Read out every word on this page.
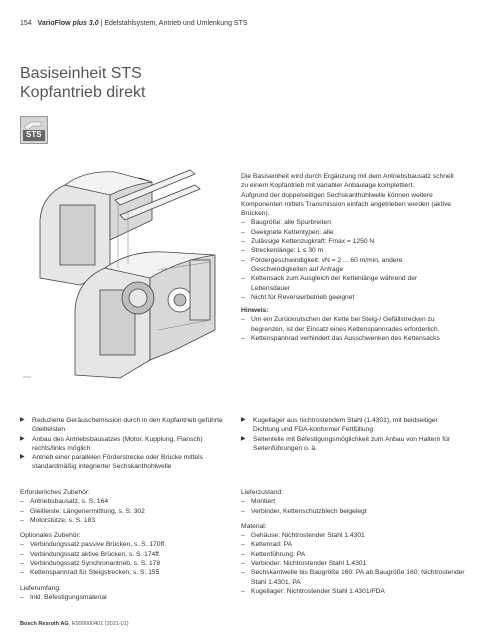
154 VarioFlow plus 3.0 | Edelstahlsystem, Antrieb und Umlenkung STS
Basiseinheit STS
Kopfantrieb direkt
STS
00001

Die Basiseinheit wird durch Ergänzung mit dem Antriebsbausatz schnell zu einem Kopfantrieb mit variabler Anbaulage komplettiert.

Aufgrund der doppelseitigen Sechskanthohlwelle können weitere Komponenten mittels Transmission einfach angetrieben werden (aktive Brücken).

– Baugröße: alle Spurbreiten
– Geeignete Kettentypen: alle
– Zulässige Kettenzugkraft: Fmax = 1250 N
– Streckenlänge: L ≤ 30 m
– Fördergeschwindigkeit: vN = 2 ... 60 m/min, andere Geschwindigkeiten auf Anfrage
– Kettensack zum Ausgleich der Kettenlänge während der Lebensdauer
– Nicht für Reversierbetrieb geeignet

Hinweis:

– Um ein Zurückrutschen der Kette bei Steig-/ Gefällstrecken zu begrenzen, ist der Einsatz eines Kettenspannrades erforderlich.
– Kettenspannrad verhindert das Ausschwenken des Kettensacks
▶ Reduzierte Geräuschemission durch in den Kopfantrieb geführte Gleitleisten
▶ Anbau des Antriebsbausatzes (Motor, Kupplung, Flansch) rechts/links möglich
▶ Antrieb einer parallelen Förderstrecke oder Brücke mittels standardmäßig integrierter Sechskanthohlwelle
▶ Kugellager aus nichtrostendem Stahl (1.4301), mit beidseitiger Dichtung und FDA-konformer Fettfüllung
▶ Seitenteile mit Befestigungsmöglichkeit zum Anbau von Haltern für Seitenführungen o. ä.

Erforderliches Zubehör:

– Antriebsbausatz, s. S. 164
– Gleitleiste: Längenermittlung, s. S. 302
– Motorstütze, s. S. 183

Optionales Zubehör:

– Verbindungssatz passive Brücken, s. S. 170ff.
– Verbindungssatz aktive Brücken, s. S. 174ff.
– Verbindungssatz Synchronantrieb, s. S. 178
– Kettenspannrad für Steigstrecken, s. S. 155

Lieferumfang:

– Inkl. Befestigungsmaterial

Lieferzustand:

– Montiert
– Verbinder, Kettenschutzblech beigelegt

Material:

– Gehäuse: Nichtrostender Stahl 1.4301
– Kettenrad: PA
– Kettenführung: PA
– Verbinder: Nichtrostender Stahl 1.4301
– Sechskantwelle bis Baugröße 160: PA ab Baugröße 160: Nichtrostender Stahl 1.4301, PA
– Kugellager: Nichtrostender Stahl 1.4301/FDA
Bosch Rexroth AG, R999000401 (2021-01)
